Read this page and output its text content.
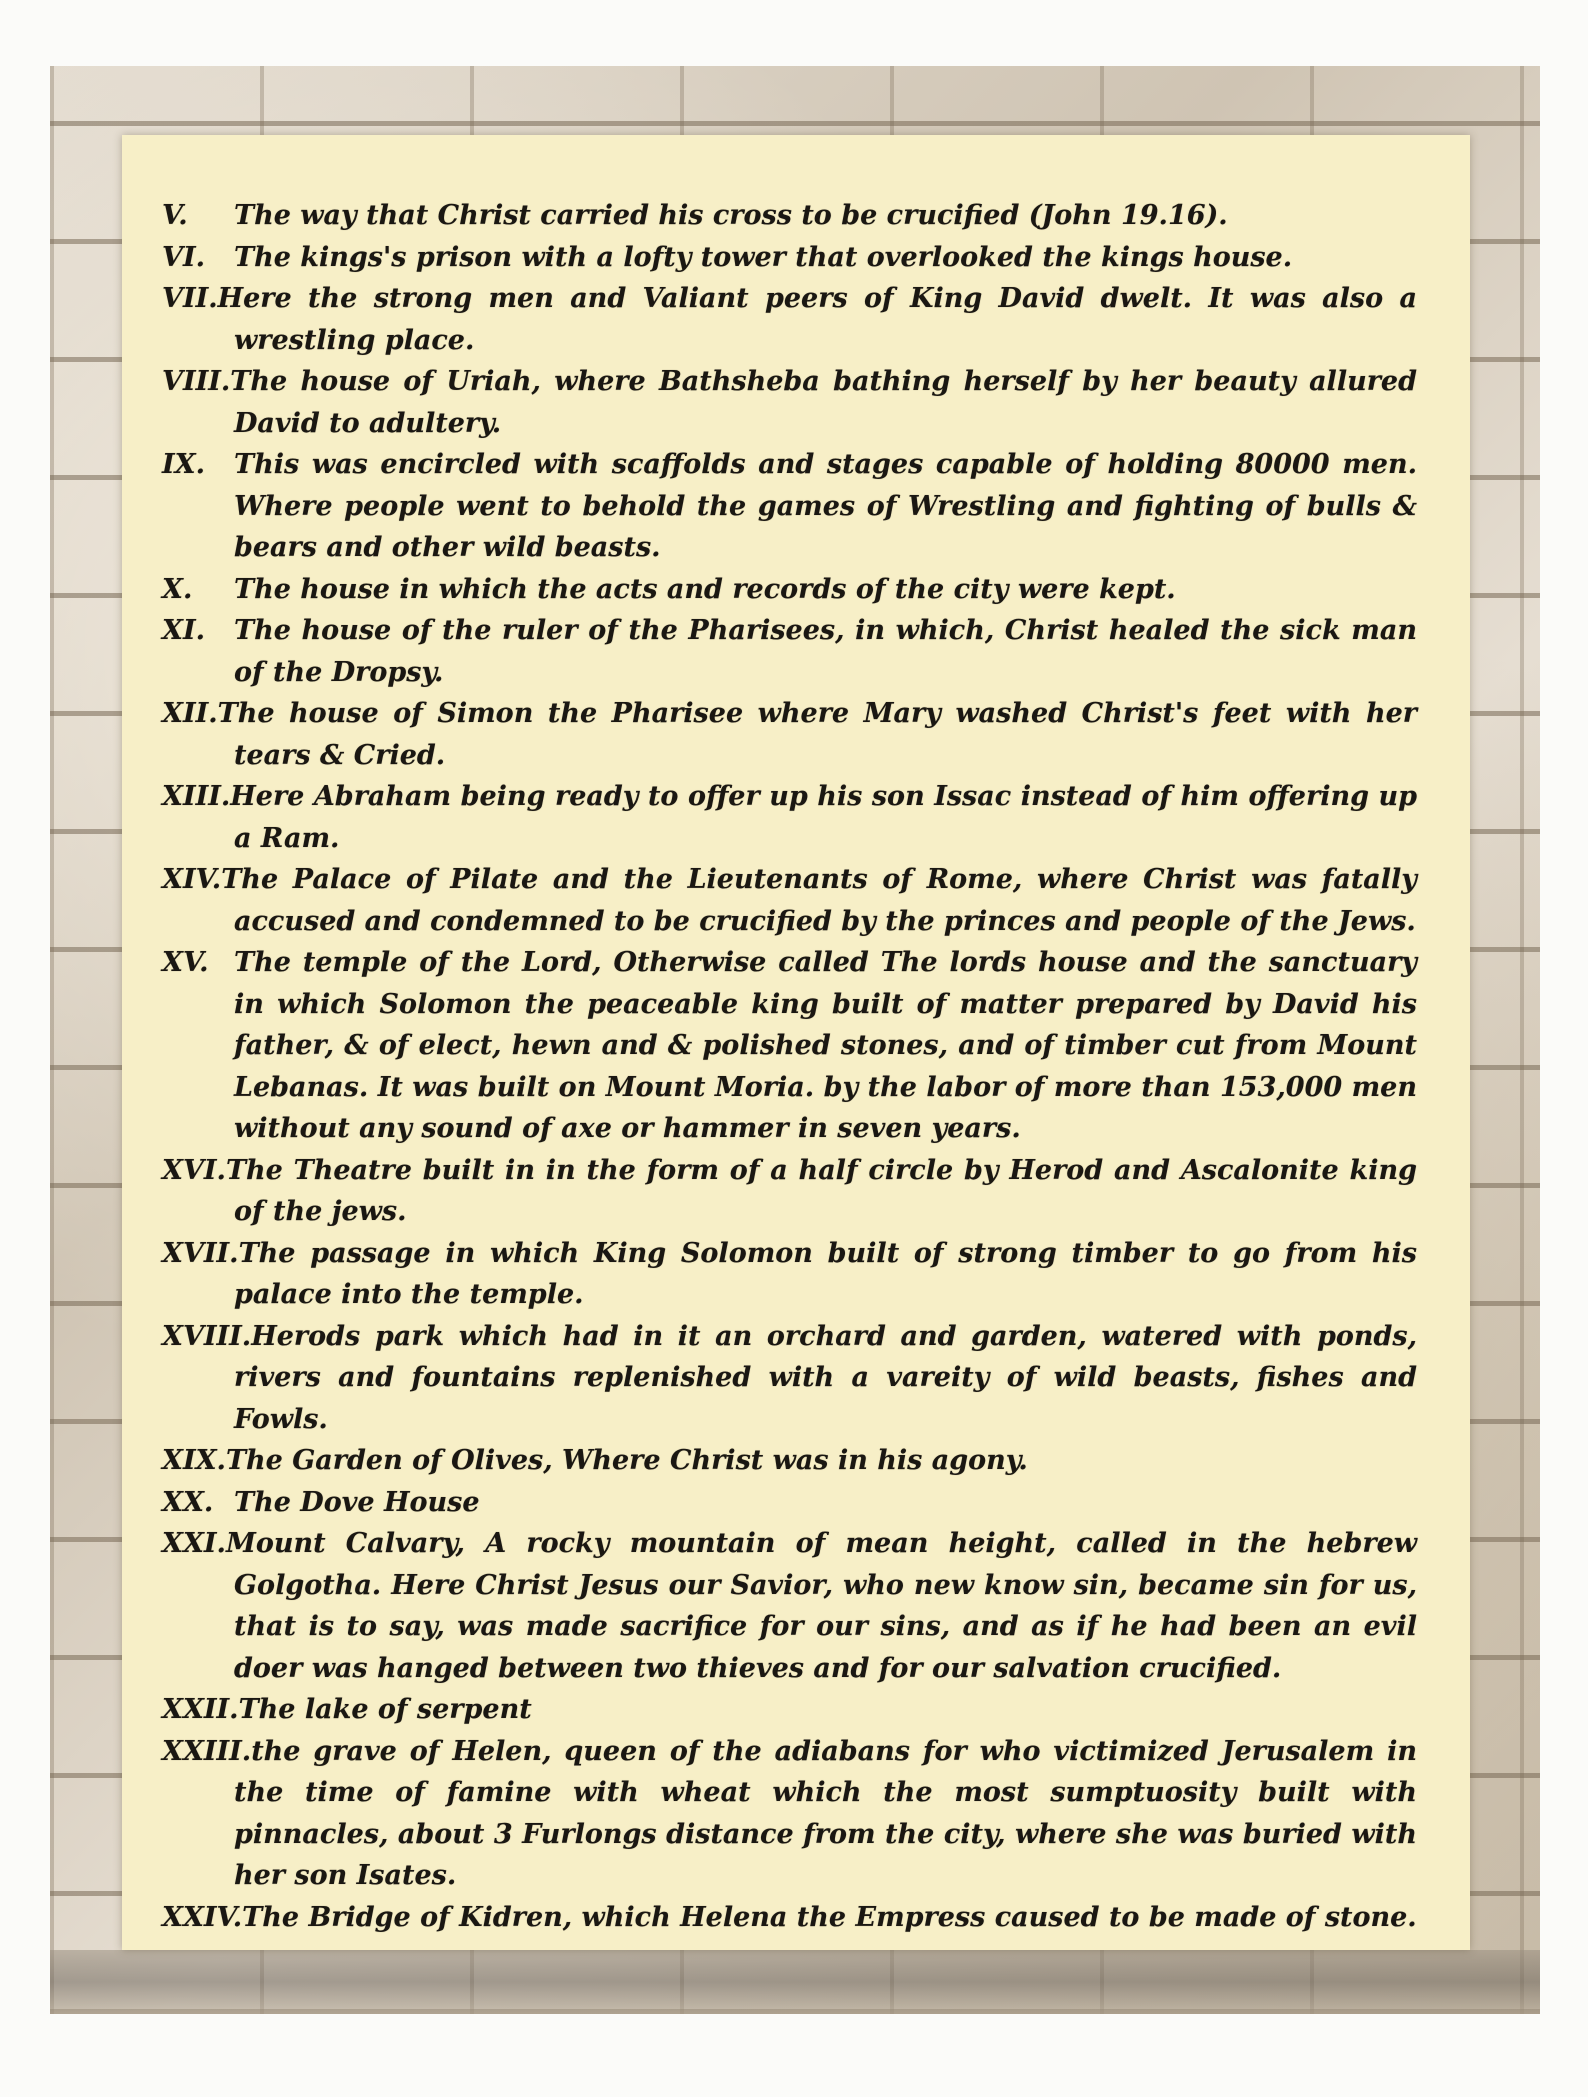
V.	The way that Christ carried his cross to be crucified (John 19.16).
VI.	The kings's prison with a lofty tower that overlooked the kings house.
VII.Here the strong men and Valiant peers of King David dwelt. It was also a wrestling place.
VIII.The house of Uriah, where Bathsheba bathing herself by her beauty allured David to adultery.
IX.	This was encircled with scaffolds and stages capable of holding 80000 men. Where people went to behold the games of Wrestling and fighting of bulls & bears and other wild beasts.
X.	The house in which the acts and records of the city were kept.
XI.	The house of the ruler of the Pharisees, in which, Christ healed the sick man of the Dropsy.
XII.The house of Simon the Pharisee where Mary washed Christ's feet with her tears & Cried.
XIII.Here Abraham being ready to offer up his son Issac instead of him offering up a Ram.
XIV.The Palace of Pilate and the Lieutenants of Rome, where Christ was fatally accused and condemned to be crucified by the princes and people of the Jews.
XV. The temple of the Lord, Otherwise called The lords house and the sanctuary in which Solomon the peaceable king built of matter prepared by David his father, & of elect, hewn and & polished stones, and of timber cut from Mount Lebanas. It was built on Mount Moria. by the labor of more than 153,000 men without any sound of axe or hammer in seven years.
XVI.The Theatre built in in the form of a half circle by Herod and Ascalonite king of the jews.
XVII.The passage in which King Solomon built of strong timber to go from his palace into the temple.
XVIII.Herods park which had in it an orchard and garden, watered with ponds, rivers and fountains replenished with a vareity of wild beasts, fishes and Fowls.
XIX.The Garden of Olives, Where Christ was in his agony.
XX. The Dove House
XXI.Mount Calvary, A rocky mountain of mean height, called in the hebrew Golgotha. Here Christ Jesus our Savior, who new know sin, became sin for us, that is to say, was made sacrifice for our sins, and as if he had been an evil doer was hanged between two thieves and for our salvation crucified.
XXII.The lake of serpent
XXIII.the grave of Helen, queen of the adiabans for who victimized Jerusalem in the time of famine with wheat which the most sumptuosity built with pinnacles, about 3 Furlongs distance from the city, where she was buried with her son Isates.
XXIV.The Bridge of Kidren, which Helena the Empress caused to be made of stone.
